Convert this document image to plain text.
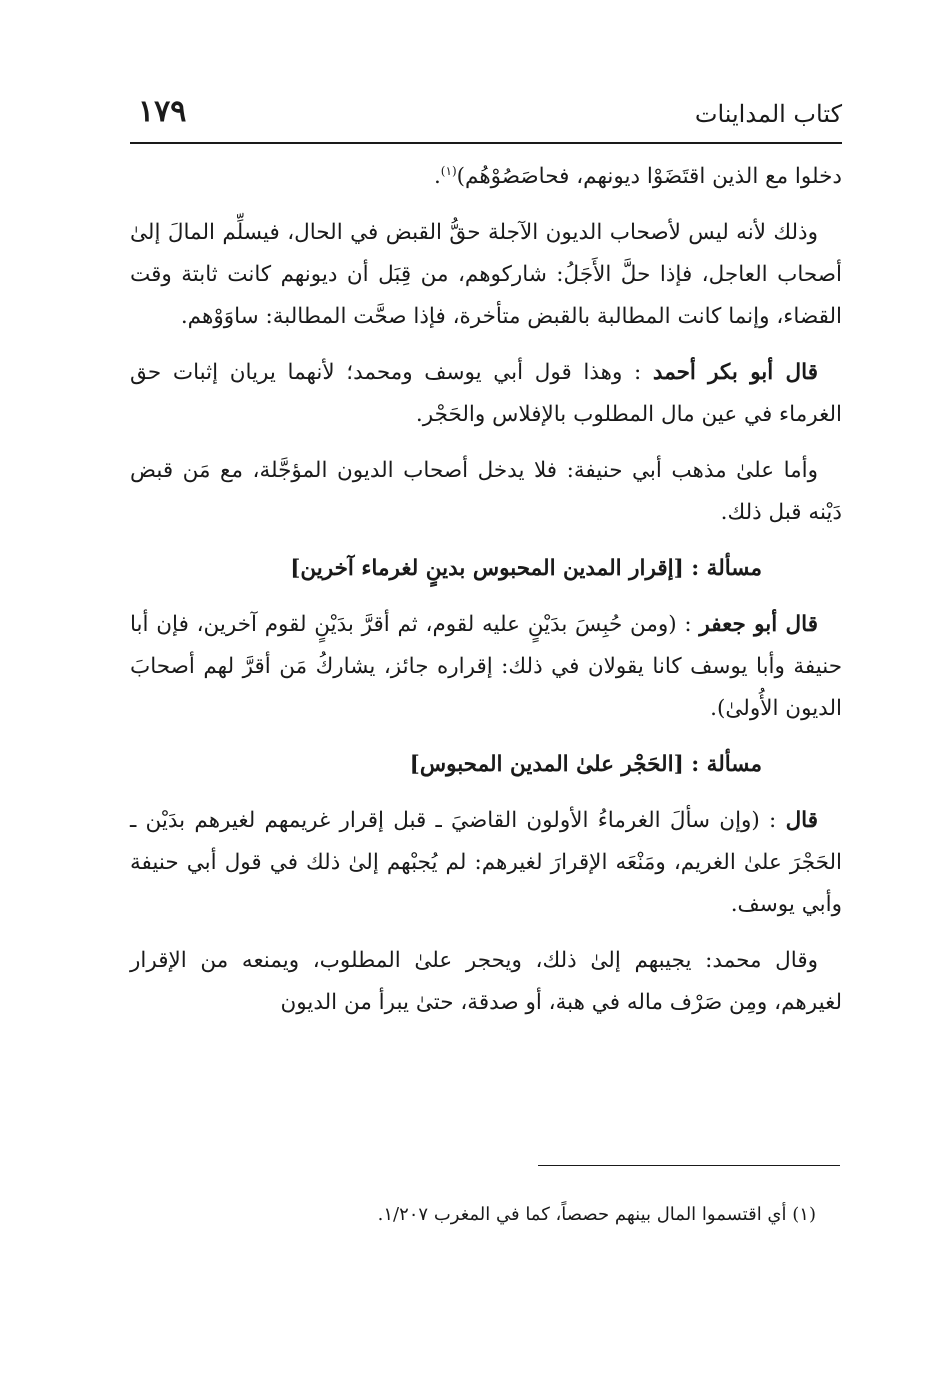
كتاب المداينات
١٧٩

دخلوا مع الذين اقتَضَوْا ديونهم، فحاصَصُوْهُم)$^{(١)}$.

وذلك لأنه ليس لأصحاب الديون الآجلة حقُّ القبض في الحال، فيسلِّم المالَ إلىٰ أصحاب العاجل، فإذا حلَّ الأَجَلُ: شاركوهم، من قِبَل أن ديونهم كانت ثابتة وقت القضاء، وإنما كانت المطالبة بالقبض متأخرة، فإذا صحَّت المطالبة: ساوَوْهم.

قال أبو بكر أحمد : وهذا قول أبي يوسف ومحمد؛ لأنهما يريان إثبات حق الغرماء في عين مال المطلوب بالإفلاس والحَجْر.

وأما علىٰ مذهب أبي حنيفة: فلا يدخل أصحاب الديون المؤجَّلة، مع مَن قبض دَيْنه قبل ذلك.

مسألة : [إقرار المدين المحبوس بدينٍ لغرماء آخرين]

قال أبو جعفر : (ومن حُبِسَ بدَيْنٍ عليه لقوم، ثم أقرَّ بدَيْنٍ لقوم آخرين، فإن أبا حنيفة وأبا يوسف كانا يقولان في ذلك: إقراره جائز، يشاركُ مَن أقرَّ لهم أصحابَ الديون الأُولىٰ).

مسألة : [الحَجْر علىٰ المدين المحبوس]

قال : (وإن سألَ الغرماءُ الأولون القاضيَ ـ قبل إقرار غريمهم لغيرهم بدَيْن ـ الحَجْرَ علىٰ الغريم، ومَنْعَه الإقرارَ لغيرهم: لم يُجبْهم إلىٰ ذلك في قول أبي حنيفة وأبي يوسف.

وقال محمد: يجيبهم إلىٰ ذلك، ويحجر علىٰ المطلوب، ويمنعه من الإقرار لغيرهم، ومِن صَرْف ماله في هبة، أو صدقة، حتىٰ يبرأ من الديون

(١) أي اقتسموا المال بينهم حصصاً، كما في المغرب ١/٢٠٧.
